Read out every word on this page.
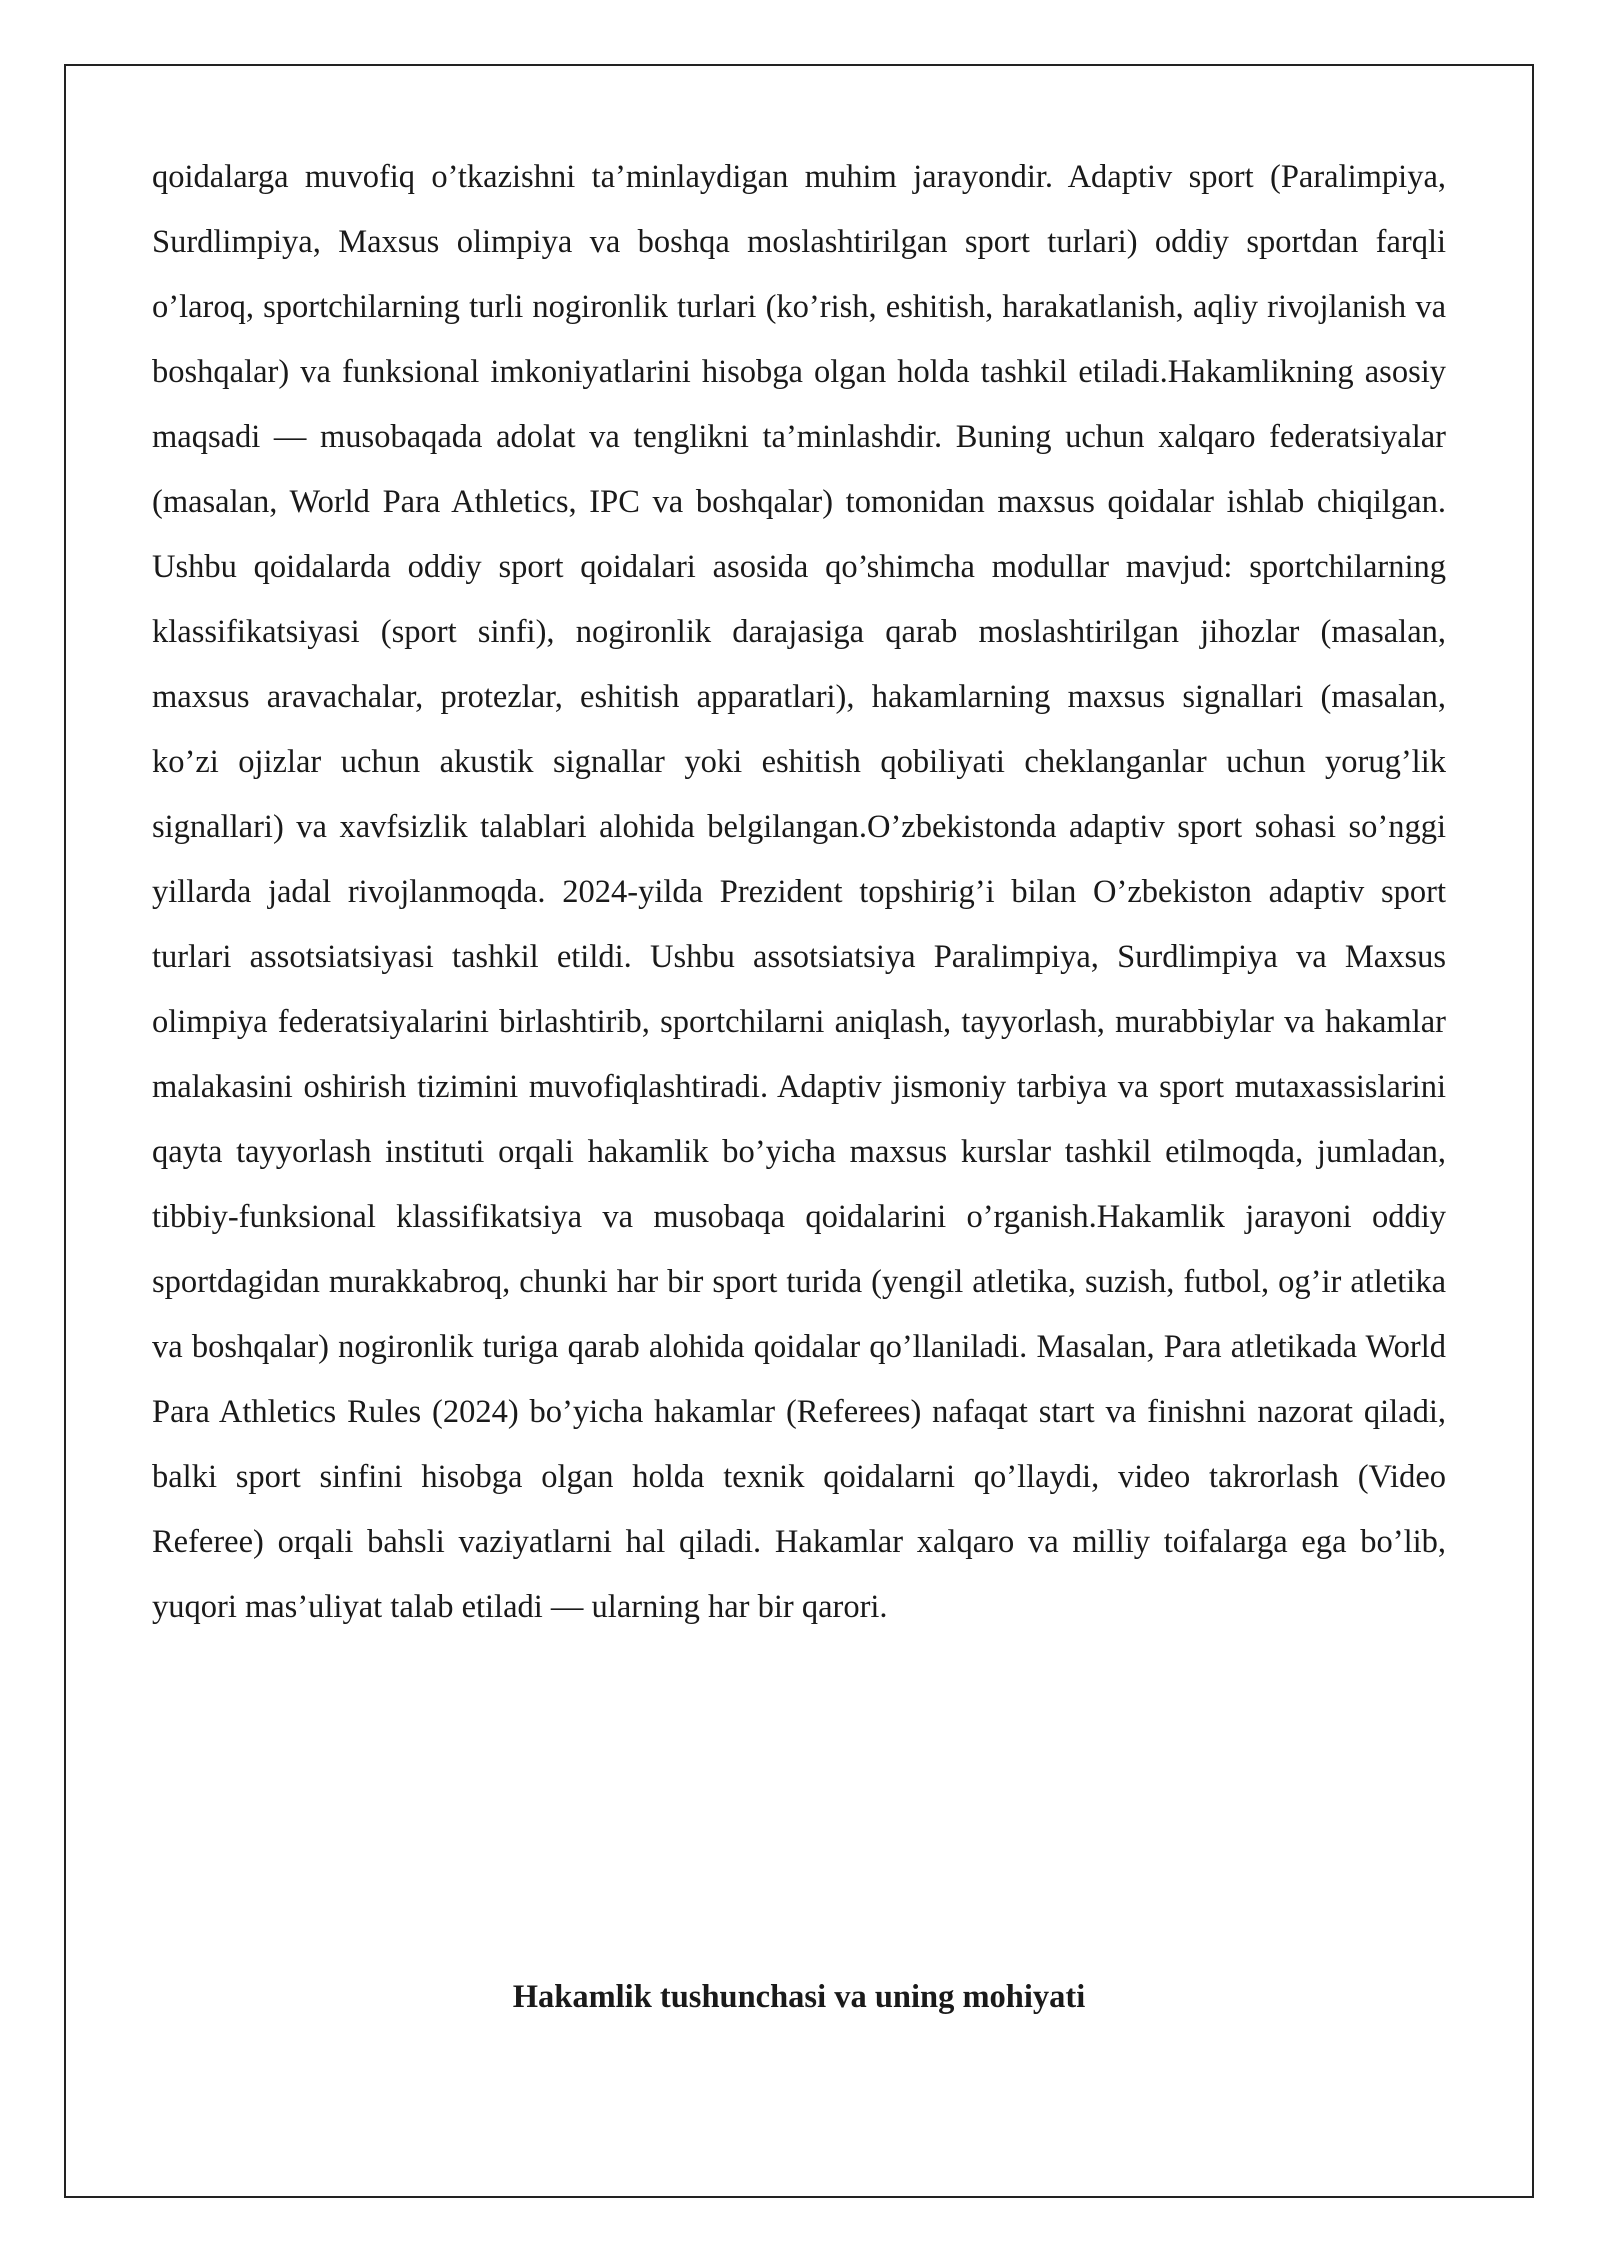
qoidalarga muvofiq o’tkazishni ta’minlaydigan muhim jarayondir. Adaptiv sport (Paralimpiya, Surdlimpiya, Maxsus olimpiya va boshqa moslashtirilgan sport turlari) oddiy sportdan farqli o’laroq, sportchilarning turli nogironlik turlari (ko’rish, eshitish, harakatlanish, aqliy rivojlanish va boshqalar) va funksional imkoniyatlarini hisobga olgan holda tashkil etiladi.Hakamlikning asosiy maqsadi — musobaqada adolat va tenglikni ta’minlashdir. Buning uchun xalqaro federatsiyalar (masalan, World Para Athletics, IPC va boshqalar) tomonidan maxsus qoidalar ishlab chiqilgan. Ushbu qoidalarda oddiy sport qoidalari asosida qo’shimcha modullar mavjud: sportchilarning klassifikatsiyasi (sport sinfi), nogironlik darajasiga qarab moslashtirilgan jihozlar (masalan, maxsus aravachalar, protezlar, eshitish apparatlari), hakamlarning maxsus signallari (masalan, ko’zi ojizlar uchun akustik signallar yoki eshitish qobiliyati cheklanganlar uchun yorug’lik signallari) va xavfsizlik talablari alohida belgilangan.O’zbekistonda adaptiv sport sohasi so’nggi yillarda jadal rivojlanmoqda. 2024-yilda Prezident topshirig’i bilan O’zbekiston adaptiv sport turlari assotsiatsiyasi tashkil etildi. Ushbu assotsiatsiya Paralimpiya, Surdlimpiya va Maxsus olimpiya federatsiyalarini birlashtirib, sportchilarni aniqlash, tayyorlash, murabbiylar va hakamlar malakasini oshirish tizimini muvofiqlashtiradi. Adaptiv jismoniy tarbiya va sport mutaxassislarini qayta tayyorlash instituti orqali hakamlik bo’yicha maxsus kurslar tashkil etilmoqda, jumladan, tibbiy-funksional klassifikatsiya va musobaqa qoidalarini o’rganish.Hakamlik jarayoni oddiy sportdagidan murakkabroq, chunki har bir sport turida (yengil atletika, suzish, futbol, og’ir atletika va boshqalar) nogironlik turiga qarab alohida qoidalar qo’llaniladi. Masalan, Para atletikada World Para Athletics Rules (2024) bo’yicha hakamlar (Referees) nafaqat start va finishni nazorat qiladi, balki sport sinfini hisobga olgan holda texnik qoidalarni qo’llaydi, video takrorlash (Video Referee) orqali bahsli vaziyatlarni hal qiladi. Hakamlar xalqaro va milliy toifalarga ega bo’lib, yuqori mas’uliyat talab etiladi — ularning har bir qarori.

Hakamlik tushunchasi va uning mohiyati
